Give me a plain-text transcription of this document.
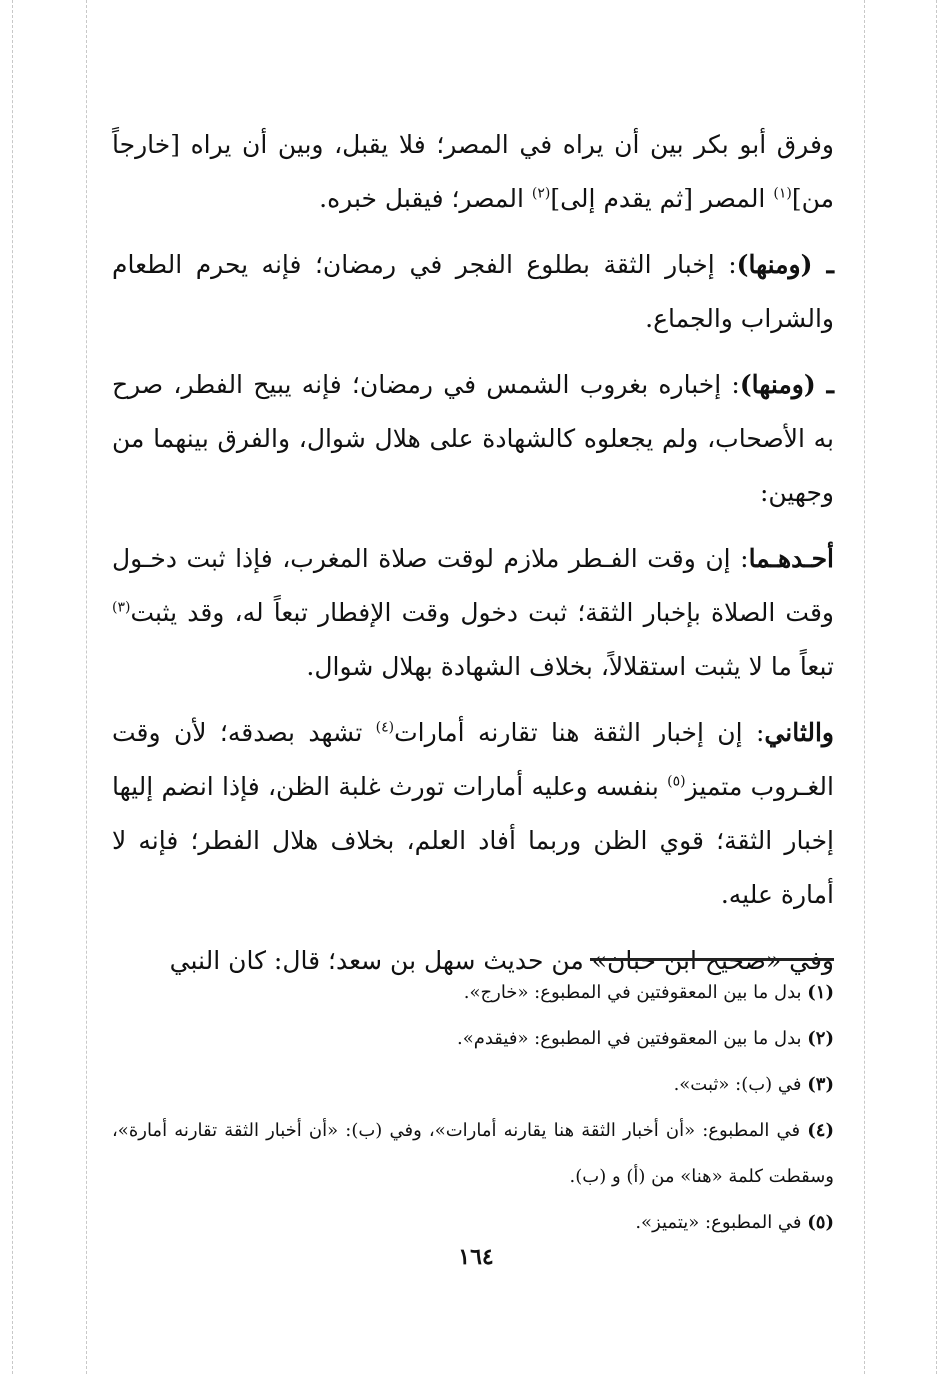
وفرق أبو بكر بين أن يراه في المصر؛ فلا يقبل، وبين أن يراه [خارجاً من]$^{(١)}$ المصر [ثم يقدم إلى]$^{(٢)}$ المصر؛ فيقبل خبره.

ـ (ومنها): إخبار الثقة بطلوع الفجر في رمضان؛ فإنه يحرم الطعام والشراب والجماع.

ـ (ومنها): إخباره بغروب الشمس في رمضان؛ فإنه يبيح الفطر، صرح به الأصحاب، ولم يجعلوه كالشهادة على هلال شوال، والفرق بينهما من وجهين:

أحـدهـما: إن وقت الفـطر ملازم لوقت صلاة المغرب، فإذا ثبت دخـول وقت الصلاة بإخبار الثقة؛ ثبت دخول وقت الإفطار تبعاً له، وقد يثبت$^{(٣)}$ تبعاً ما لا يثبت استقلالاً، بخلاف الشهادة بهلال شوال.

والثاني: إن إخبار الثقة هنا تقارنه أمارات$^{(٤)}$ تشهد بصدقه؛ لأن وقت الغـروب متميز$^{(٥)}$ بنفسه وعليه أمارات تورث غلبة الظن، فإذا انضم إليها إخبار الثقة؛ قوي الظن وربما أفاد العلم، بخلاف هلال الفطر؛ فإنه لا أمارة عليه.

وفي «صحيح ابن حبان» من حديث سهل بن سعد؛ قال: كان النبي

(١) بدل ما بين المعقوفتين في المطبوع: «خارج».

(٢) بدل ما بين المعقوفتين في المطبوع: «فيقدم».

(٣) في (ب): «ثبت».

(٤) في المطبوع: «أن أخبار الثقة هنا يقارنه أمارات»، وفي (ب): «أن أخبار الثقة تقارنه أمارة»، وسقطت كلمة «هنا» من (أ) و (ب).

(٥) في المطبوع: «يتميز».

١٦٤
